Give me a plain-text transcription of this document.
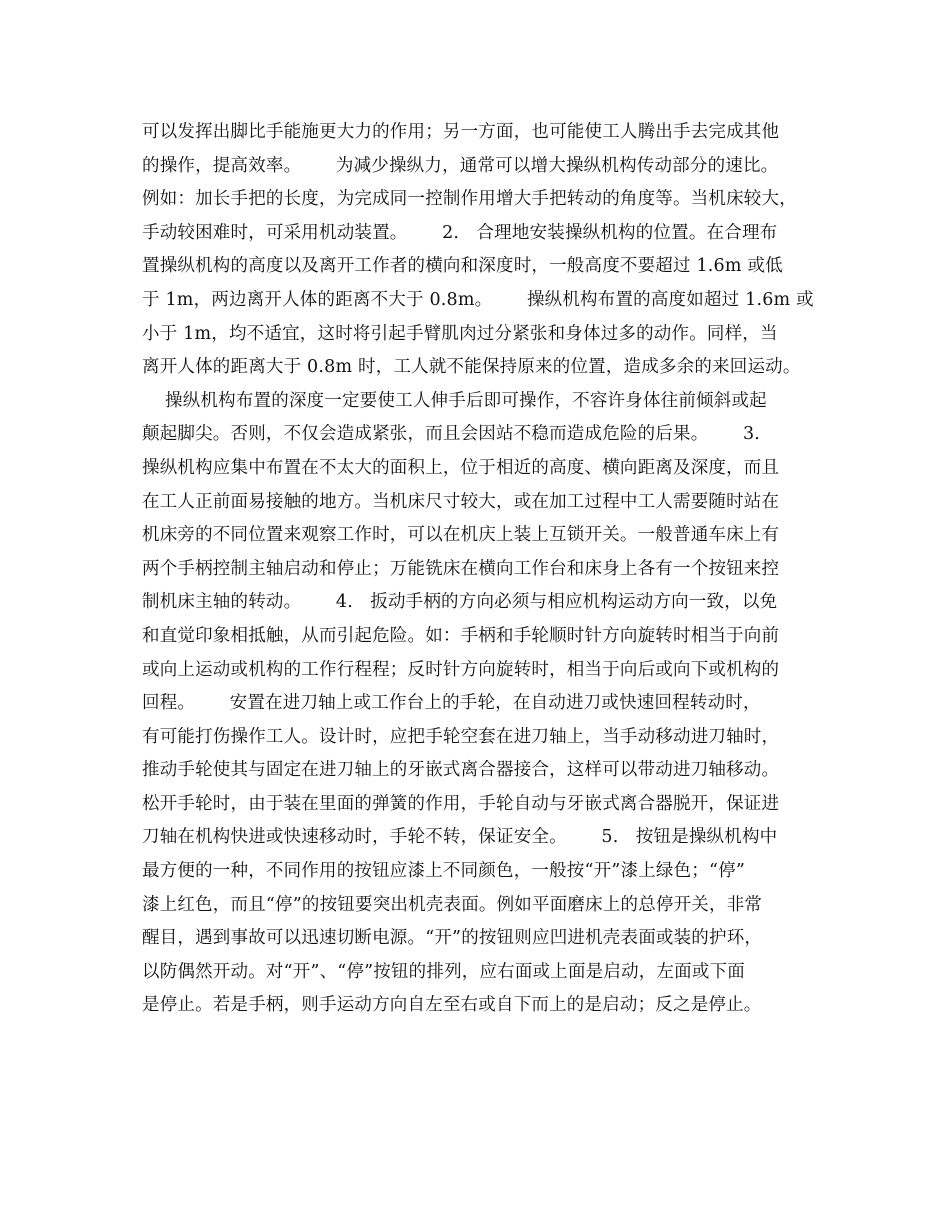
可以发挥出脚比手能施更大力的作用；另一方面，也可能使工人腾出手去完成其他
的操作，提高效率。      为减少操纵力，通常可以增大操纵机构传动部分的速比。
例如：加长手把的长度，为完成同一控制作用增大手把转动的角度等。当机床较大，
手动较困难时，可采用机动装置。      2.   合理地安装操纵机构的位置。在合理布
置操纵机构的高度以及离开工作者的横向和深度时，一般高度不要超过 1.6m 或低
于 1m，两边离开人体的距离不大于 0.8m。      操纵机构布置的高度如超过 1.6m 或
小于 1m，均不适宜，这时将引起手臂肌肉过分紧张和身体过多的动作。同样，当
离开人体的距离大于 0.8m 时，工人就不能保持原来的位置，造成多余的来回运动。
操纵机构布置的深度一定要使工人伸手后即可操作，不容许身体往前倾斜或起
颠起脚尖。否则，不仅会造成紧张，而且会因站不稳而造成危险的后果。      3.
操纵机构应集中布置在不太大的面积上，位于相近的高度、横向距离及深度，而且
在工人正前面易接触的地方。当机床尺寸较大，或在加工过程中工人需要随时站在
机床旁的不同位置来观察工作时，可以在机庆上装上互锁开关。一般普通车床上有
两个手柄控制主轴启动和停止；万能铣床在横向工作台和床身上各有一个按钮来控
制机床主轴的转动。      4.   扳动手柄的方向必须与相应机构运动方向一致，以免
和直觉印象相抵触，从而引起危险。如：手柄和手轮顺时针方向旋转时相当于向前
或向上运动或机构的工作行程程；反时针方向旋转时，相当于向后或向下或机构的
回程。      安置在进刀轴上或工作台上的手轮，在自动进刀或快速回程转动时，
有可能打伤操作工人。设计时，应把手轮空套在进刀轴上，当手动移动进刀轴时，
推动手轮使其与固定在进刀轴上的牙嵌式离合器接合，这样可以带动进刀轴移动。
松开手轮时，由于装在里面的弹簧的作用，手轮自动与牙嵌式离合器脱开，保证进
刀轴在机构快进或快速移动时，手轮不转，保证安全。      5.   按钮是操纵机构中
最方便的一种，不同作用的按钮应漆上不同颜色，一般按“开”漆上绿色；“停”
漆上红色，而且“停”的按钮要突出机壳表面。例如平面磨床上的总停开关，非常
醒目，遇到事故可以迅速切断电源。“开”的按钮则应凹进机壳表面或装的护环，
以防偶然开动。对“开”、“停”按钮的排列，应右面或上面是启动，左面或下面
是停止。若是手柄，则手运动方向自左至右或自下而上的是启动；反之是停止。
